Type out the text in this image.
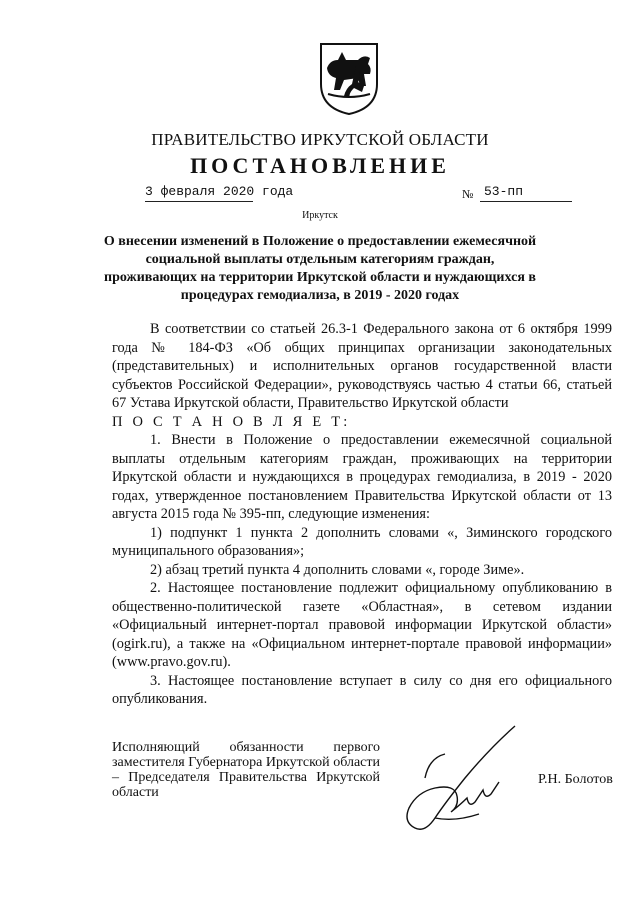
ПРАВИТЕЛЬСТВО ИРКУТСКОЙ ОБЛАСТИ
ПОСТАНОВЛЕНИЕ
3 февраля 2020 года	№ 53-пп
Иркутск
О внесении изменений в Положение о предоставлении ежемесячной социальной выплаты отдельным категориям граждан, проживающих на территории Иркутской области и нуждающихся в процедурах гемодиализа, в 2019 - 2020 годах

В соответствии со статьей 26.3-1 Федерального закона от 6 октября 1999 года № 184-ФЗ «Об общих принципах организации законодательных (представительных) и исполнительных органов государственной власти субъектов Российской Федерации», руководствуясь частью 4 статьи 66, статьей 67 Устава Иркутской области, Правительство Иркутской области

П О С Т А Н О В Л Я Е Т:

1. Внести в Положение о предоставлении ежемесячной социальной выплаты отдельным категориям граждан, проживающих на территории Иркутской области и нуждающихся в процедурах гемодиализа, в 2019 - 2020 годах, утвержденное постановлением Правительства Иркутской области от 13 августа 2015 года № 395-пп, следующие изменения:

1) подпункт 1 пункта 2 дополнить словами «, Зиминского городского муниципального образования»;

2) абзац третий пункта 4 дополнить словами «, городе Зиме».

2. Настоящее постановление подлежит официальному опубликованию в общественно-политической газете «Областная», в сетевом издании «Официальный интернет-портал правовой информации Иркутской области» (ogirk.ru), а также на «Официальном интернет-портале правовой информации» (www.pravo.gov.ru).

3. Настоящее постановление вступает в силу со дня его официального опубликования.

Исполняющий обязанности первого заместителя Губернатора Иркутской области – Председателя Правительства Иркутской области
Р.Н. Болотов
